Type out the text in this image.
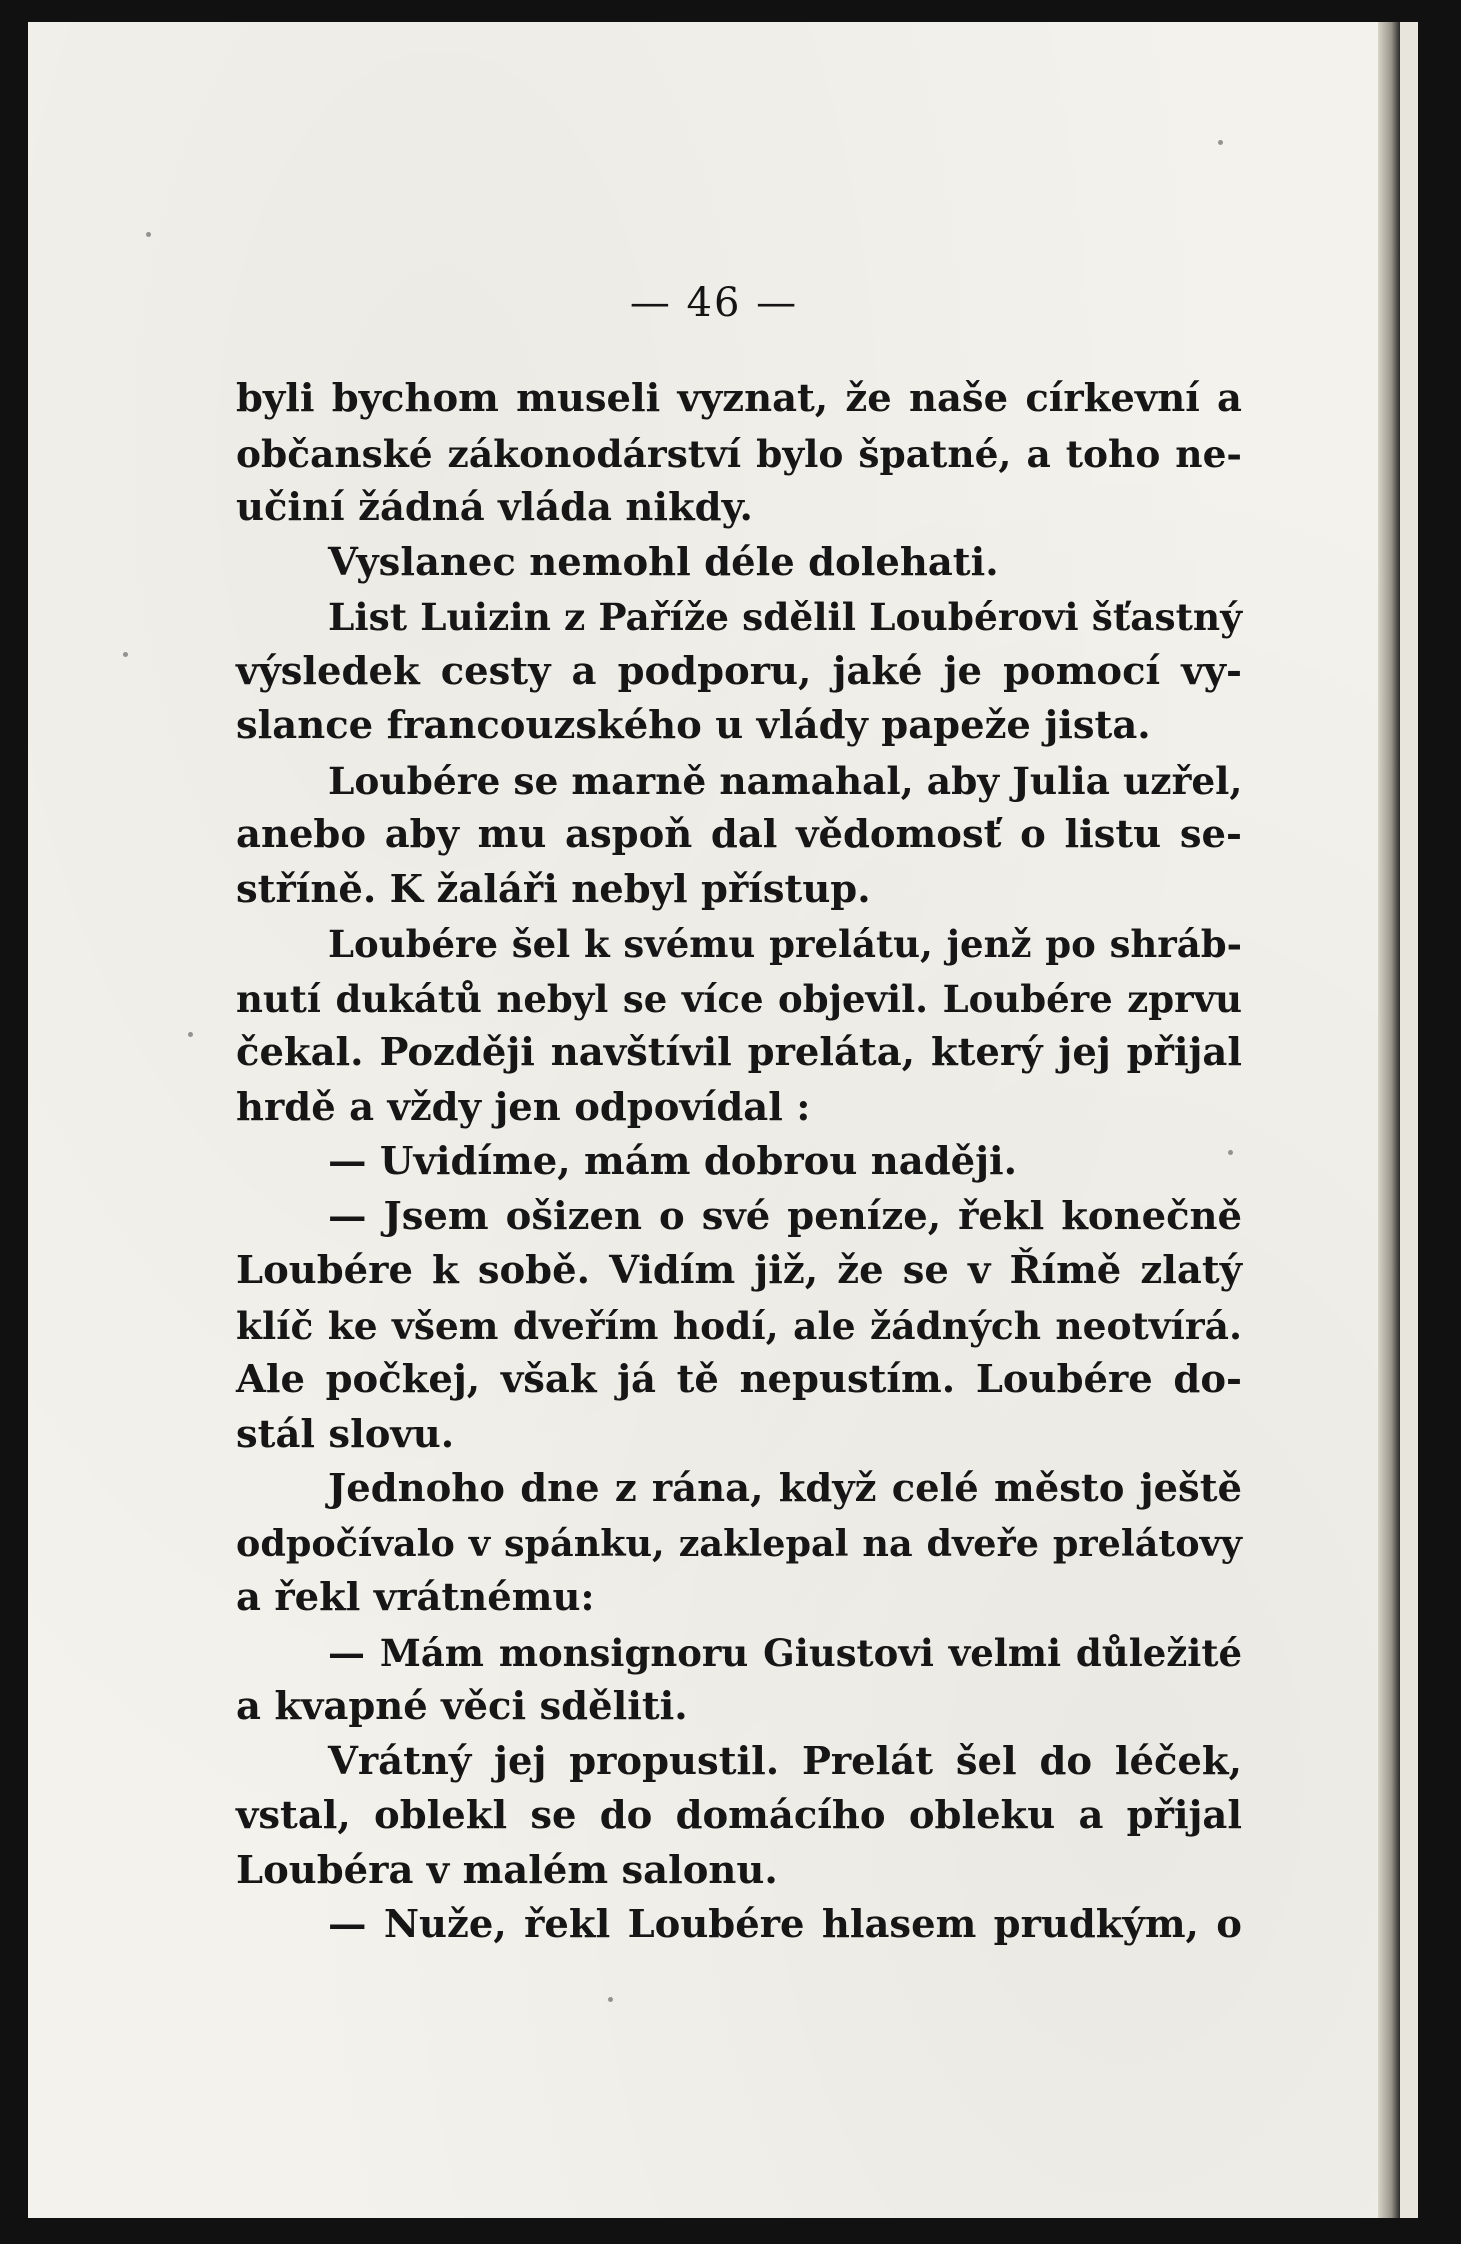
— 46 —
byli bychom museli vyznat, že naše církevní a
občanské zákonodárství bylo špatné, a toho ne-
učiní žádná vláda nikdy.
Vyslanec nemohl déle dolehati.
List Luizin z Paříže sdělil Loubérovi šťastný
výsledek cesty a podporu, jaké je pomocí vy-
slance francouzského u vlády papeže jista.
Loubére se marně namahal, aby Julia uzřel,
anebo aby mu aspoň dal vědomosť o listu se-
stříně. K žaláři nebyl přístup.
Loubére šel k svému prelátu, jenž po shráb-
nutí dukátů nebyl se více objevil. Loubére zprvu
čekal. Později navštívil preláta, který jej přijal
hrdě a vždy jen odpovídal :
— Uvidíme, mám dobrou naději.
— Jsem ošizen o své peníze, řekl konečně
Loubére k sobě. Vidím již, že se v Římě zlatý
klíč ke všem dveřím hodí, ale žádných neotvírá.
Ale počkej, však já tě nepustím. Loubére do-
stál slovu.
Jednoho dne z rána, když celé město ještě
odpočívalo v spánku, zaklepal na dveře prelátovy
a řekl vrátnému:
— Mám monsignoru Giustovi velmi důležité
a kvapné věci sděliti.
Vrátný jej propustil. Prelát šel do léček,
vstal, oblekl se do domácího obleku a přijal
Loubéra v malém salonu.
— Nuže, řekl Loubére hlasem prudkým, o
